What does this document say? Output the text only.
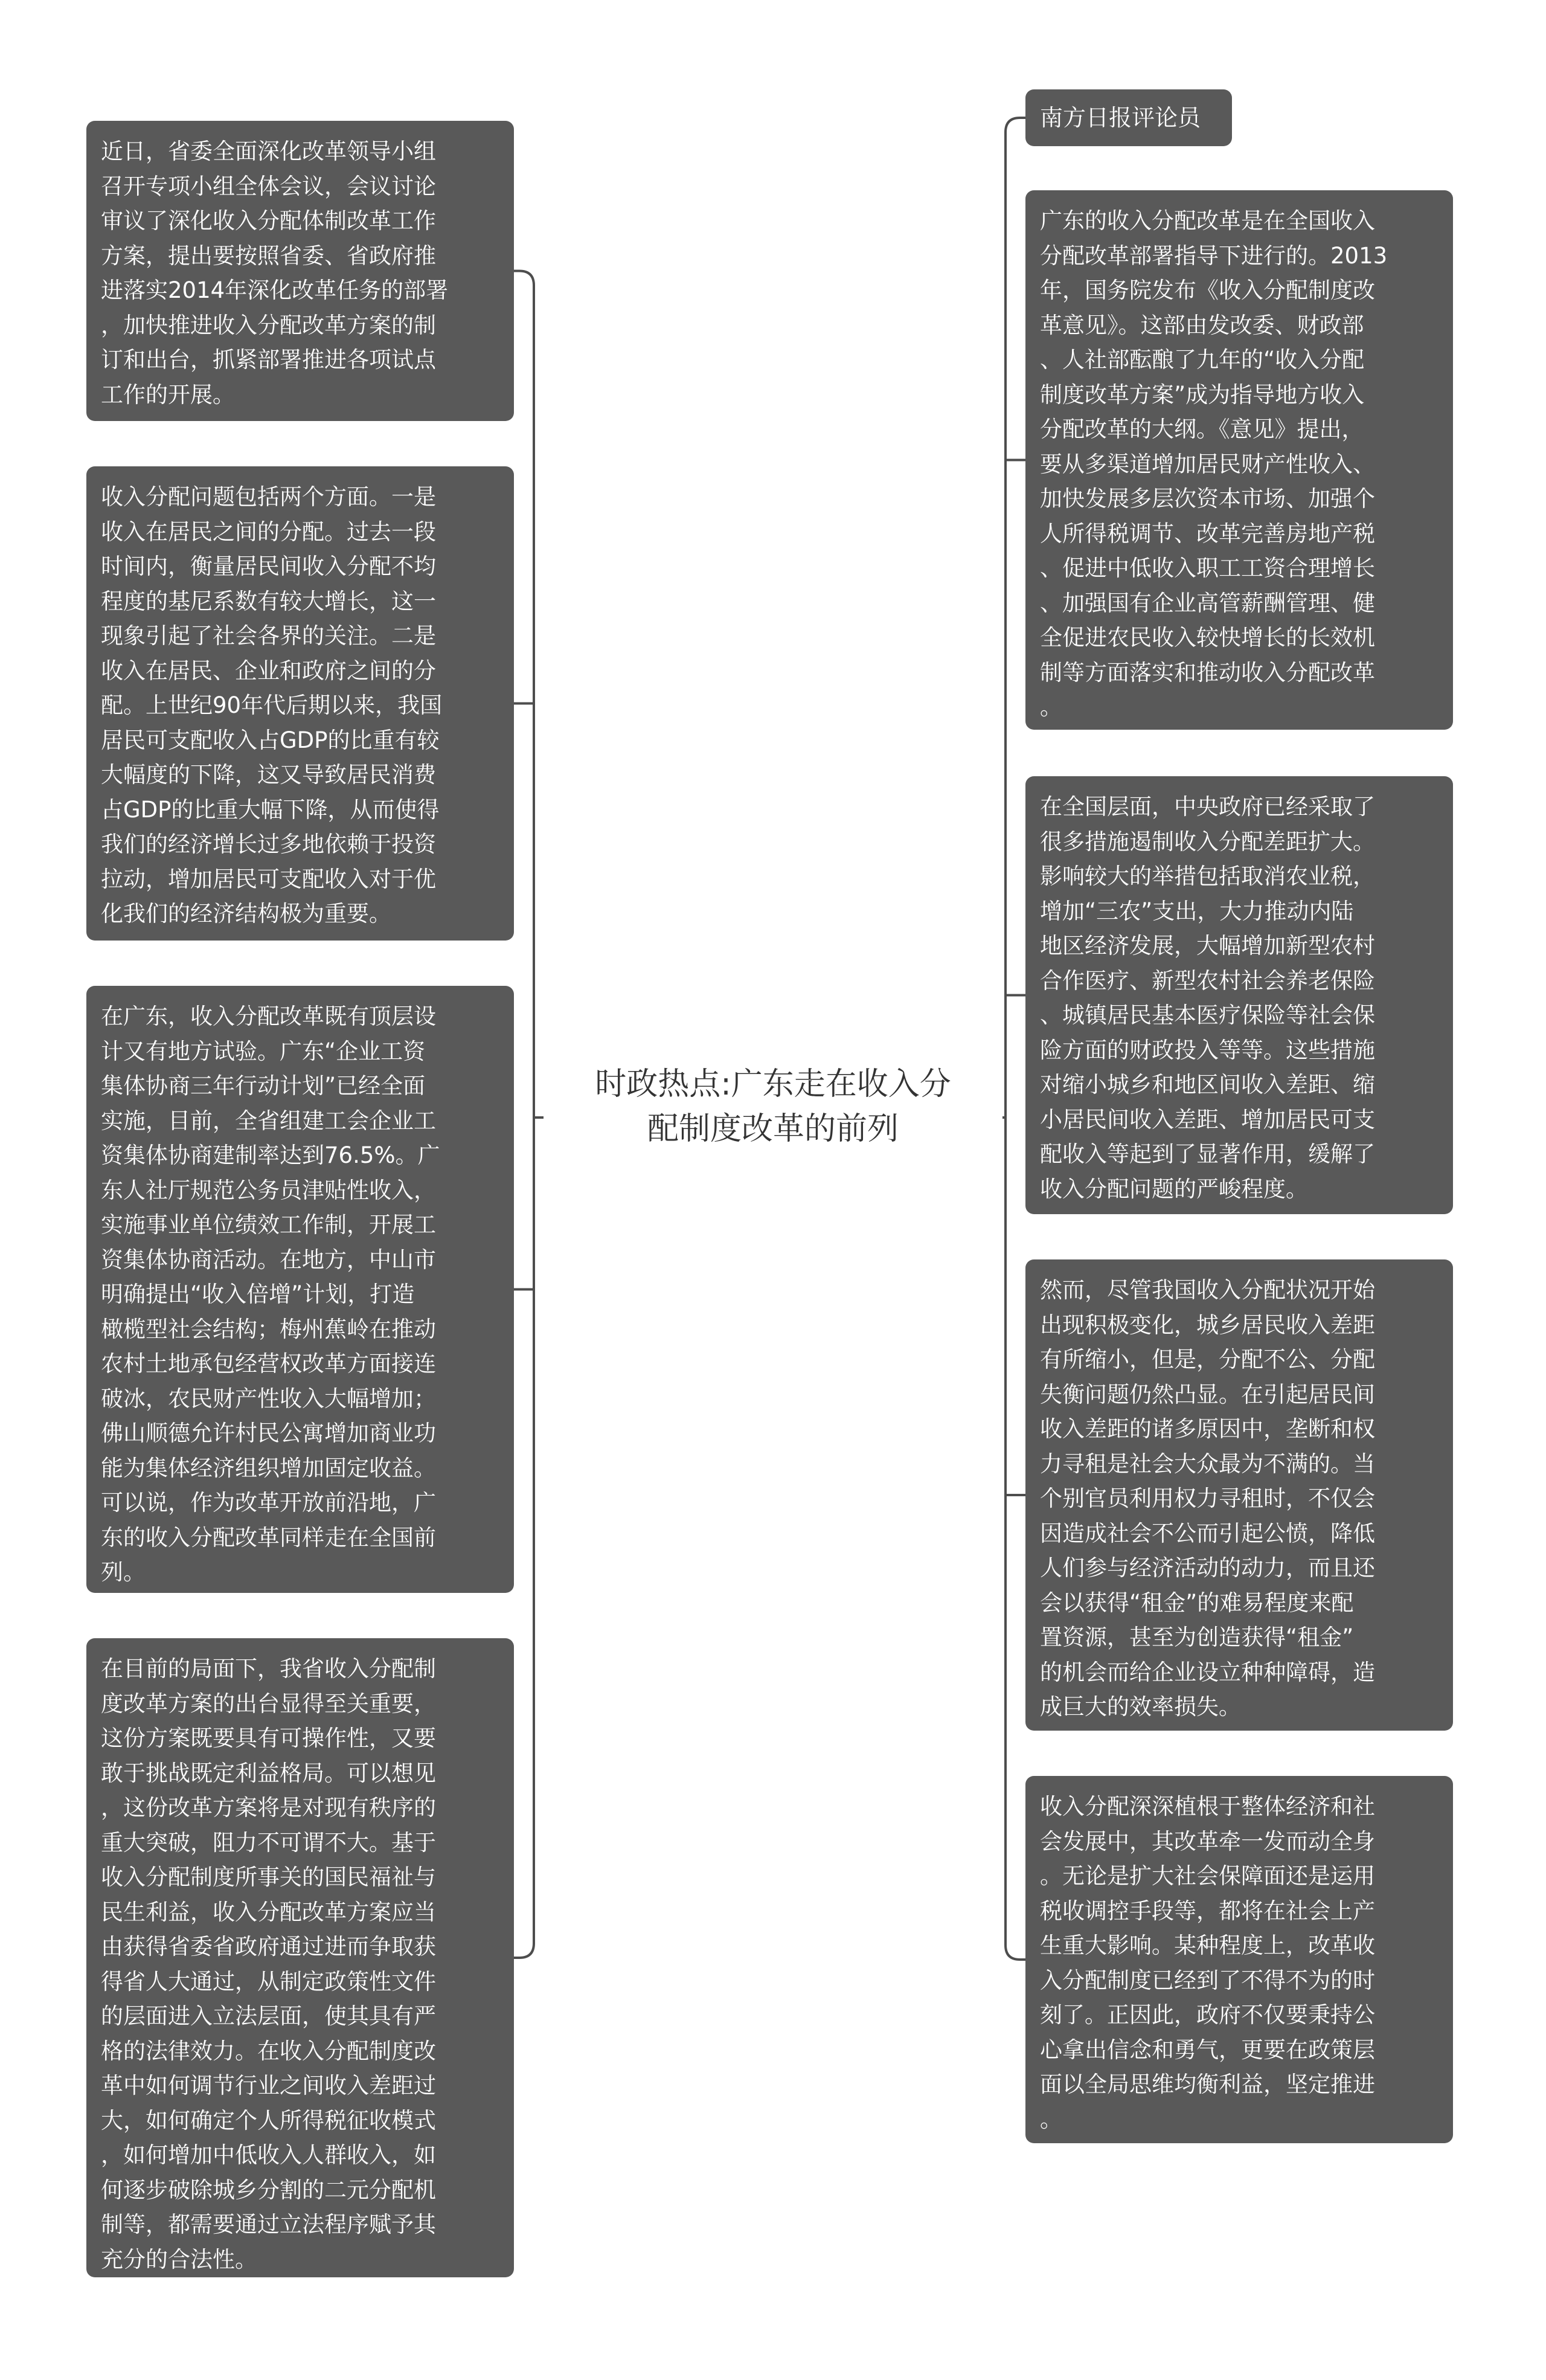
时政热点:广东走在收入分
配制度改革的前列
近日，省委全面深化改革领导小组
召开专项小组全体会议，会议讨论
审议了深化收入分配体制改革工作
方案，提出要按照省委、省政府推
进落实2014年深化改革任务的部署
，加快推进收入分配改革方案的制
订和出台，抓紧部署推进各项试点
工作的开展。
收入分配问题包括两个方面。一是
收入在居民之间的分配。过去一段
时间内，衡量居民间收入分配不均
程度的基尼系数有较大增长，这一
现象引起了社会各界的关注。二是
收入在居民、企业和政府之间的分
配。上世纪90年代后期以来，我国
居民可支配收入占GDP的比重有较
大幅度的下降，这又导致居民消费
占GDP的比重大幅下降，从而使得
我们的经济增长过多地依赖于投资
拉动，增加居民可支配收入对于优
化我们的经济结构极为重要。
在广东，收入分配改革既有顶层设
计又有地方试验。广东“企业工资
集体协商三年行动计划”已经全面
实施，目前，全省组建工会企业工
资集体协商建制率达到76.5%。广
东人社厅规范公务员津贴性收入，
实施事业单位绩效工作制，开展工
资集体协商活动。在地方，中山市
明确提出“收入倍增”计划，打造
橄榄型社会结构；梅州蕉岭在推动
农村土地承包经营权改革方面接连
破冰，农民财产性收入大幅增加；
佛山顺德允许村民公寓增加商业功
能为集体经济组织增加固定收益。
可以说，作为改革开放前沿地，广
东的收入分配改革同样走在全国前
列。
在目前的局面下，我省收入分配制
度改革方案的出台显得至关重要，
这份方案既要具有可操作性，又要
敢于挑战既定利益格局。可以想见
，这份改革方案将是对现有秩序的
重大突破，阻力不可谓不大。基于
收入分配制度所事关的国民福祉与
民生利益，收入分配改革方案应当
由获得省委省政府通过进而争取获
得省人大通过，从制定政策性文件
的层面进入立法层面，使其具有严
格的法律效力。在收入分配制度改
革中如何调节行业之间收入差距过
大，如何确定个人所得税征收模式
，如何增加中低收入人群收入，如
何逐步破除城乡分割的二元分配机
制等，都需要通过立法程序赋予其
充分的合法性。
南方日报评论员
广东的收入分配改革是在全国收入
分配改革部署指导下进行的。2013
年，国务院发布《收入分配制度改
革意见》。这部由发改委、财政部
、人社部酝酿了九年的“收入分配
制度改革方案”成为指导地方收入
分配改革的大纲。《意见》提出，
要从多渠道增加居民财产性收入、
加快发展多层次资本市场、加强个
人所得税调节、改革完善房地产税
、促进中低收入职工工资合理增长
、加强国有企业高管薪酬管理、健
全促进农民收入较快增长的长效机
制等方面落实和推动收入分配改革
。
在全国层面，中央政府已经采取了
很多措施遏制收入分配差距扩大。
影响较大的举措包括取消农业税，
增加“三农”支出，大力推动内陆
地区经济发展，大幅增加新型农村
合作医疗、新型农村社会养老保险
、城镇居民基本医疗保险等社会保
险方面的财政投入等等。这些措施
对缩小城乡和地区间收入差距、缩
小居民间收入差距、增加居民可支
配收入等起到了显著作用，缓解了
收入分配问题的严峻程度。
然而，尽管我国收入分配状况开始
出现积极变化，城乡居民收入差距
有所缩小，但是，分配不公、分配
失衡问题仍然凸显。在引起居民间
收入差距的诸多原因中，垄断和权
力寻租是社会大众最为不满的。当
个别官员利用权力寻租时，不仅会
因造成社会不公而引起公愤，降低
人们参与经济活动的动力，而且还
会以获得“租金”的难易程度来配
置资源，甚至为创造获得“租金”
的机会而给企业设立种种障碍，造
成巨大的效率损失。
收入分配深深植根于整体经济和社
会发展中，其改革牵一发而动全身
。无论是扩大社会保障面还是运用
税收调控手段等，都将在社会上产
生重大影响。某种程度上，改革收
入分配制度已经到了不得不为的时
刻了。正因此，政府不仅要秉持公
心拿出信念和勇气，更要在政策层
面以全局思维均衡利益，坚定推进
。
